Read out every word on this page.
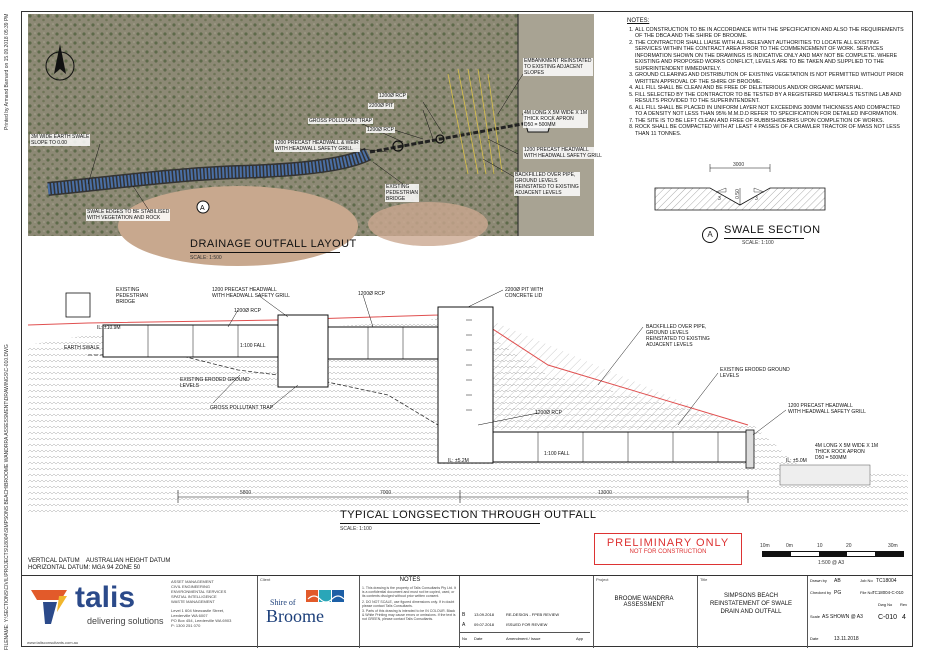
Printed by Armand Barnard on 15.09.2018 05:39 PM
FILENAME: Y:\SECTIONS\CIVIL\PROJECTS\18004\SIMPSONS BEACH\BROOME WANDRRA ASSESSMENT\DRAWINGS\C-010.DWG
A
3M WIDE EARTH SWALE
SLOPE TO 0.00	1200 PRECAST HEADWALL & WEIR
WITH HEADWALL SAFETY GRILL
GROSS POLLUTANT TRAP
1200Ø RCP
2200Ø PIT
1200Ø RCP
EMBANKMENT REINSTATED
TO EXISTING ADJACENT
SLOPES
4M LONG X 5M WIDE X 1M
THICK ROCK APRON
D50 = 500MM
1200 PRECAST HEADWALL
WITH HEADWALL SAFETY GRILL
BACKFILLED OVER PIPE,
GROUND LEVELS
REINSTATED TO EXISTING
ADJACENT LEVELS
EXISTING
PEDESTRIAN
BRIDGE
SWALE EDGES TO BE STABILISED
WITH VEGETATION AND ROCK
DRAINAGE OUTFALL LAYOUT
SCALE: 1:500
NOTES:
1. ALL CONSTRUCTION TO BE IN ACCORDANCE WITH THE SPECIFICATION AND ALSO THE REQUIREMENTS OF THE DBCA AND THE SHIRE OF BROOME.
2. THE CONTRACTOR SHALL LIAISE WITH ALL RELEVANT AUTHORITIES TO LOCATE ALL EXISTING SERVICES WITHIN THE CONTRACT AREA PRIOR TO THE COMMENCEMENT OF WORK. SERVICES INFORMATION SHOWN ON THE DRAWINGS IS INDICATIVE ONLY AND MAY NOT BE COMPLETE. WHERE EXISTING AND PROPOSED WORKS CONFLICT, LEVELS ARE TO BE TAKEN AND SUPPLIED TO THE SUPERINTENDENT IMMEDIATELY.
3. GROUND CLEARING AND DISTRIBUTION OF EXISTING VEGETATION IS NOT PERMITTED WITHOUT PRIOR WRITTEN APPROVAL OF THE SHIRE OF BROOME.
4. ALL FILL SHALL BE CLEAN AND BE FREE OF DELETERIOUS AND/OR ORGANIC MATERIAL.
5. FILL SELECTED BY THE CONTRACTOR TO BE TESTED BY A REGISTERED MATERIALS TESTING LAB AND RESULTS PROVIDED TO THE SUPERINTENDENT.
6. ALL FILL SHALL BE PLACED IN UNIFORM LAYER NOT EXCEEDING 300MM THICKNESS AND COMPACTED TO A DENSITY NOT LESS THAN 95% M.M.D.D REFER TO SPECIFICATION FOR DETAILED INFORMATION.
7. THE SITE IS TO BE LEFT CLEAN AND FREE OF RUBBISH/DEBRIS UPON COMPLETION OF WORKS.
8. ROCK SHALL BE COMPACTED WITH AT LEAST 4 PASSES OF A CRAWLER TRACTOR OF MASS NOT LESS THAN 11 TONNES.
3000
0.50
3	3
A	SWALE SECTION
SCALE: 1:100
EXISTING
PEDESTRIAN
BRIDGE
1200 PRECAST HEADWALL
WITH HEADWALL SAFETY GRILL
1200Ø RCP
1200Ø RCP
2200Ø PIT WITH
CONCRETE LID
BACKFILLED OVER PIPE,
GROUND LEVELS
REINSTATED TO EXISTING
ADJACENT LEVELS
EXISTING ERODED GROUND
LEVELS
EXISTING ERODED GROUND
LEVELS
EARTH SWALE
GROSS POLLUTANT TRAP
1200Ø RCP
1200 PRECAST HEADWALL
WITH HEADWALL SAFETY GRILL
4M LONG X 5M WIDE X 1M
THICK ROCK APRON
D50 = 500MM
IL: ±10.9M
IL: ±5.2M	IL: ±5.0M
1:100 FALL
1:100 FALL
5800	7000	13000
TYPICAL LONGSECTION THROUGH OUTFALL
SCALE: 1:100
PRELIMINARY ONLY
NOT FOR CONSTRUCTION
10m	0m	10	20	30m
1:500 @ A3
VERTICAL DATUM    AUSTRALIAN HEIGHT DATUM
HORIZONTAL DATUM: MGA 94 ZONE 50
talis
delivering solutions
www.talisconsultants.com.au
ASSET MANAGEMENT
CIVIL ENGINEERING
ENVIRONMENTAL SERVICES
SPATIAL INTELLIGENCE
WASTE MANAGEMENT
Level 1 604 Newcastle Street,
Leederville WA 6007
PO Box 454, Leederville WA 6903
P: 1300 251 070
Client
Shire of
Broome
NOTES
1. This drawing is the property of Talis Consultants Pty Ltd. It is a confidential document and must not be copied, used, or its contents divulged without prior written consent.
2. DO NOT SCALE, use figured dimensions only. If in doubt please contact Talis Consultants.
3. Parts of this drawing is intended to be IN COLOUR. Black & White Printing may cause errors or omissions. If the text is not GREEN, please contact Talis Consultants.
B 13.09.2018	RE-DESIGN - FPEB REVIEW
A 09.07.2018	ISSUED FOR REVIEW
No Date	Amendment / Issue	App
Project
BROOME WANDRRA
ASSESSMENT
Title
SIMPSONS BEACH
REINSTATEMENT OF SWALE
DRAIN AND OUTFALL
Drawn by AB	Job No TC18004
Checked by PG	File No TC18004-C-010
Scale AS SHOWN @ A3
Dwg No Rev
C-010 4
Date	13.11.2018
